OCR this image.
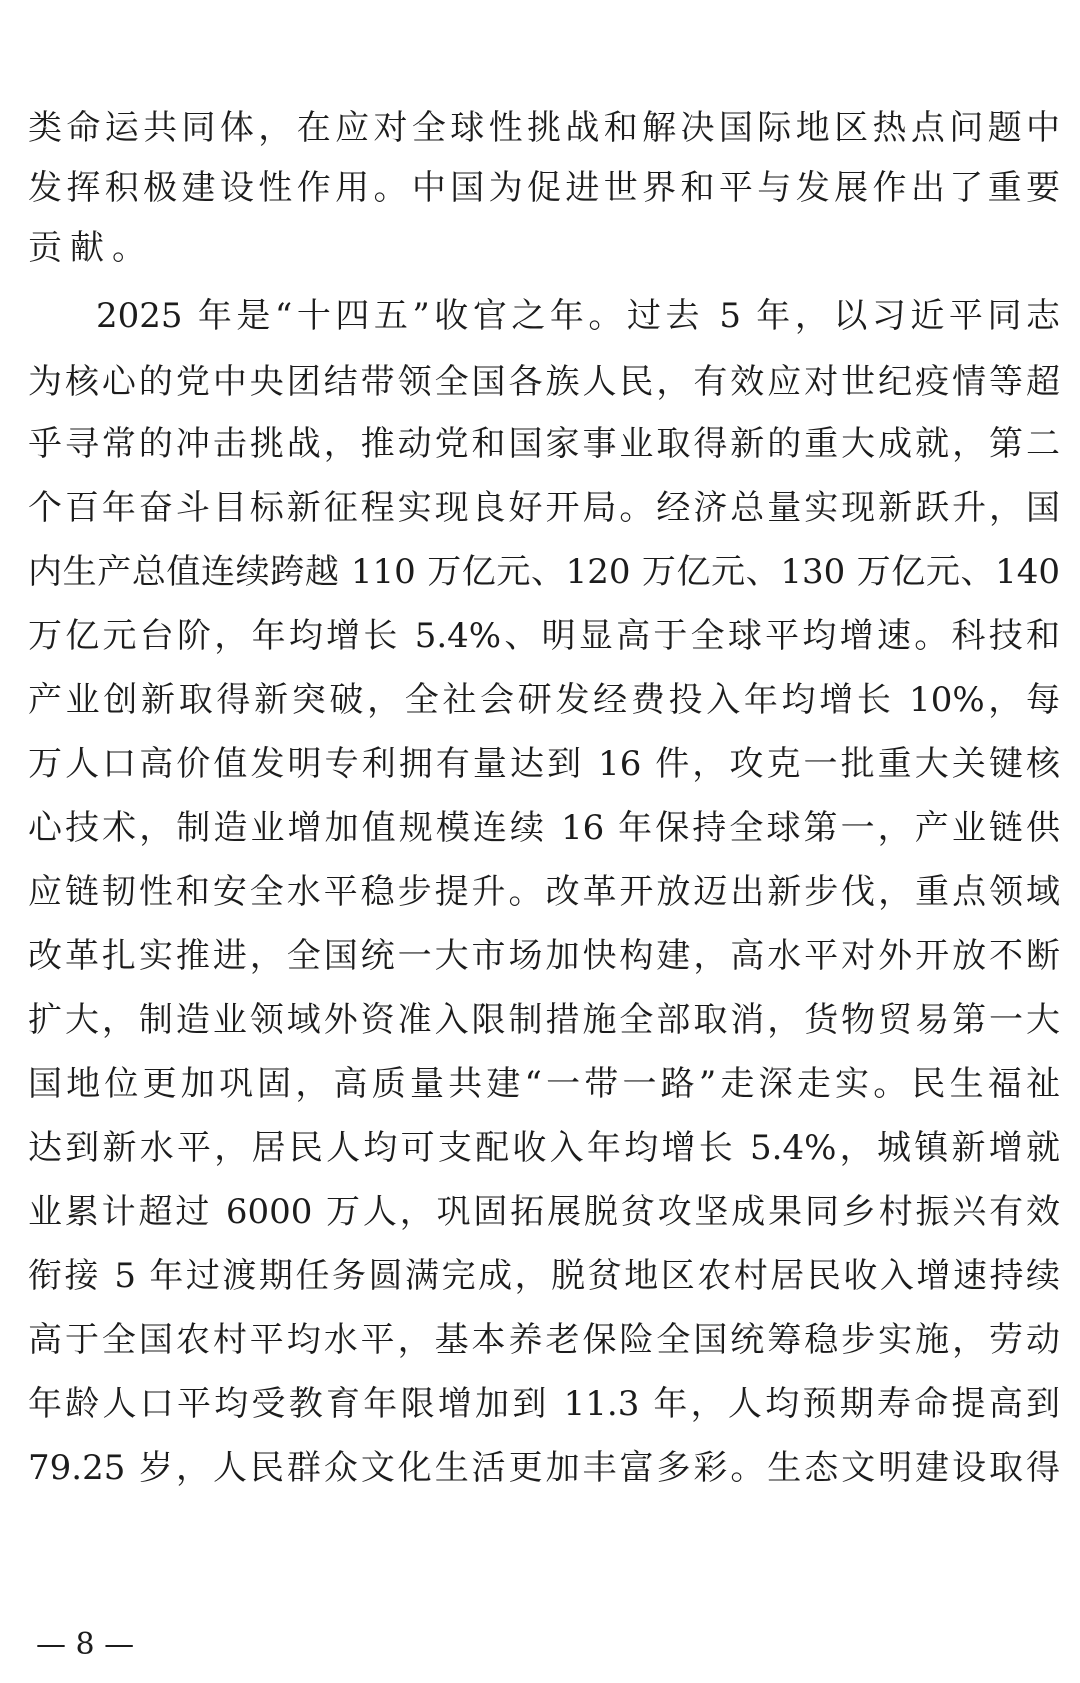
类命运共同体，在应对全球性挑战和解决国际地区热点问题中
发挥积极建设性作用。中国为促进世界和平与发展作出了重要
贡献。
2025 年是“十四五”收官之年。过去 5 年，以习近平同志
为核心的党中央团结带领全国各族人民，有效应对世纪疫情等超
乎寻常的冲击挑战，推动党和国家事业取得新的重大成就，第二
个百年奋斗目标新征程实现良好开局。经济总量实现新跃升，国
内生产总值连续跨越 110 万亿元、120 万亿元、130 万亿元、140
万亿元台阶，年均增长 5.4%、明显高于全球平均增速。科技和
产业创新取得新突破，全社会研发经费投入年均增长 10%，每
万人口高价值发明专利拥有量达到 16 件，攻克一批重大关键核
心技术，制造业增加值规模连续 16 年保持全球第一，产业链供
应链韧性和安全水平稳步提升。改革开放迈出新步伐，重点领域
改革扎实推进，全国统一大市场加快构建，高水平对外开放不断
扩大，制造业领域外资准入限制措施全部取消，货物贸易第一大
国地位更加巩固，高质量共建“一带一路”走深走实。民生福祉
达到新水平，居民人均可支配收入年均增长 5.4%，城镇新增就
业累计超过 6000 万人，巩固拓展脱贫攻坚成果同乡村振兴有效
衔接 5 年过渡期任务圆满完成，脱贫地区农村居民收入增速持续
高于全国农村平均水平，基本养老保险全国统筹稳步实施，劳动
年龄人口平均受教育年限增加到 11.3 年，人均预期寿命提高到
79.25 岁，人民群众文化生活更加丰富多彩。生态文明建设取得
— 8 —
